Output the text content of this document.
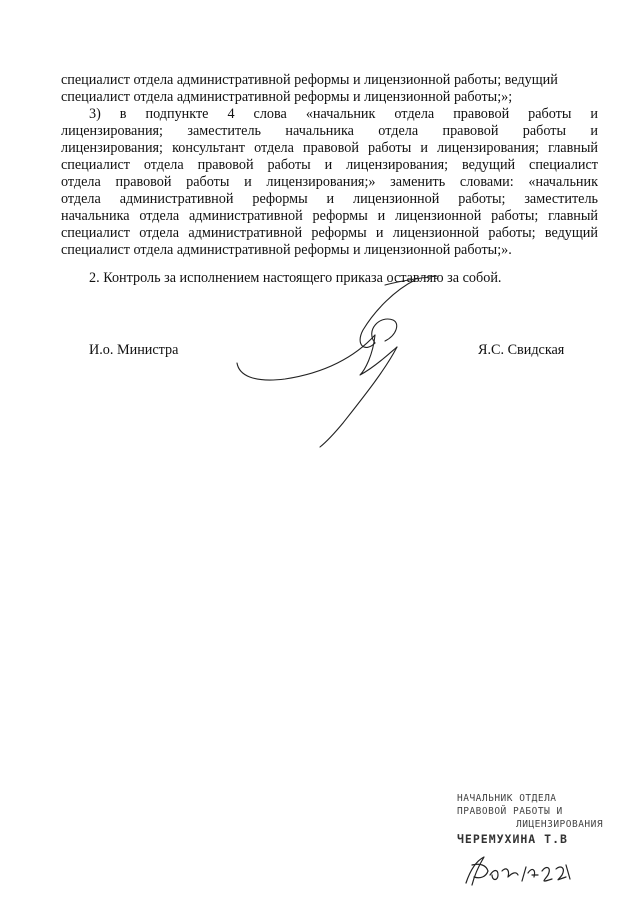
специалист отдела административной реформы и лицензионной работы; ведущий
специалист отдела административной реформы и лицензионной работы;»;
3) в подпункте 4 слова «начальник отдела правовой работы и
лицензирования; заместитель начальника отдела правовой работы и
лицензирования; консультант отдела правовой работы и лицензирования; главный
специалист отдела правовой работы и лицензирования; ведущий специалист
отдела правовой работы и лицензирования;» заменить словами: «начальник
отдела административной реформы и лицензионной работы; заместитель
начальника отдела административной реформы и лицензионной работы; главный
специалист отдела административной реформы и лицензионной работы; ведущий
специалист отдела административной реформы и лицензионной работы;».
2. Контроль за исполнением настоящего приказа оставляю за собой.
И.о. Министра	Я.С. Свидская
НАЧАЛЬНИК ОТДЕЛА
ПРАВОВОЙ РАБОТЫ И
ЛИЦЕНЗИРОВАНИЯ
ЧЕРЕМУХИНА Т.В
